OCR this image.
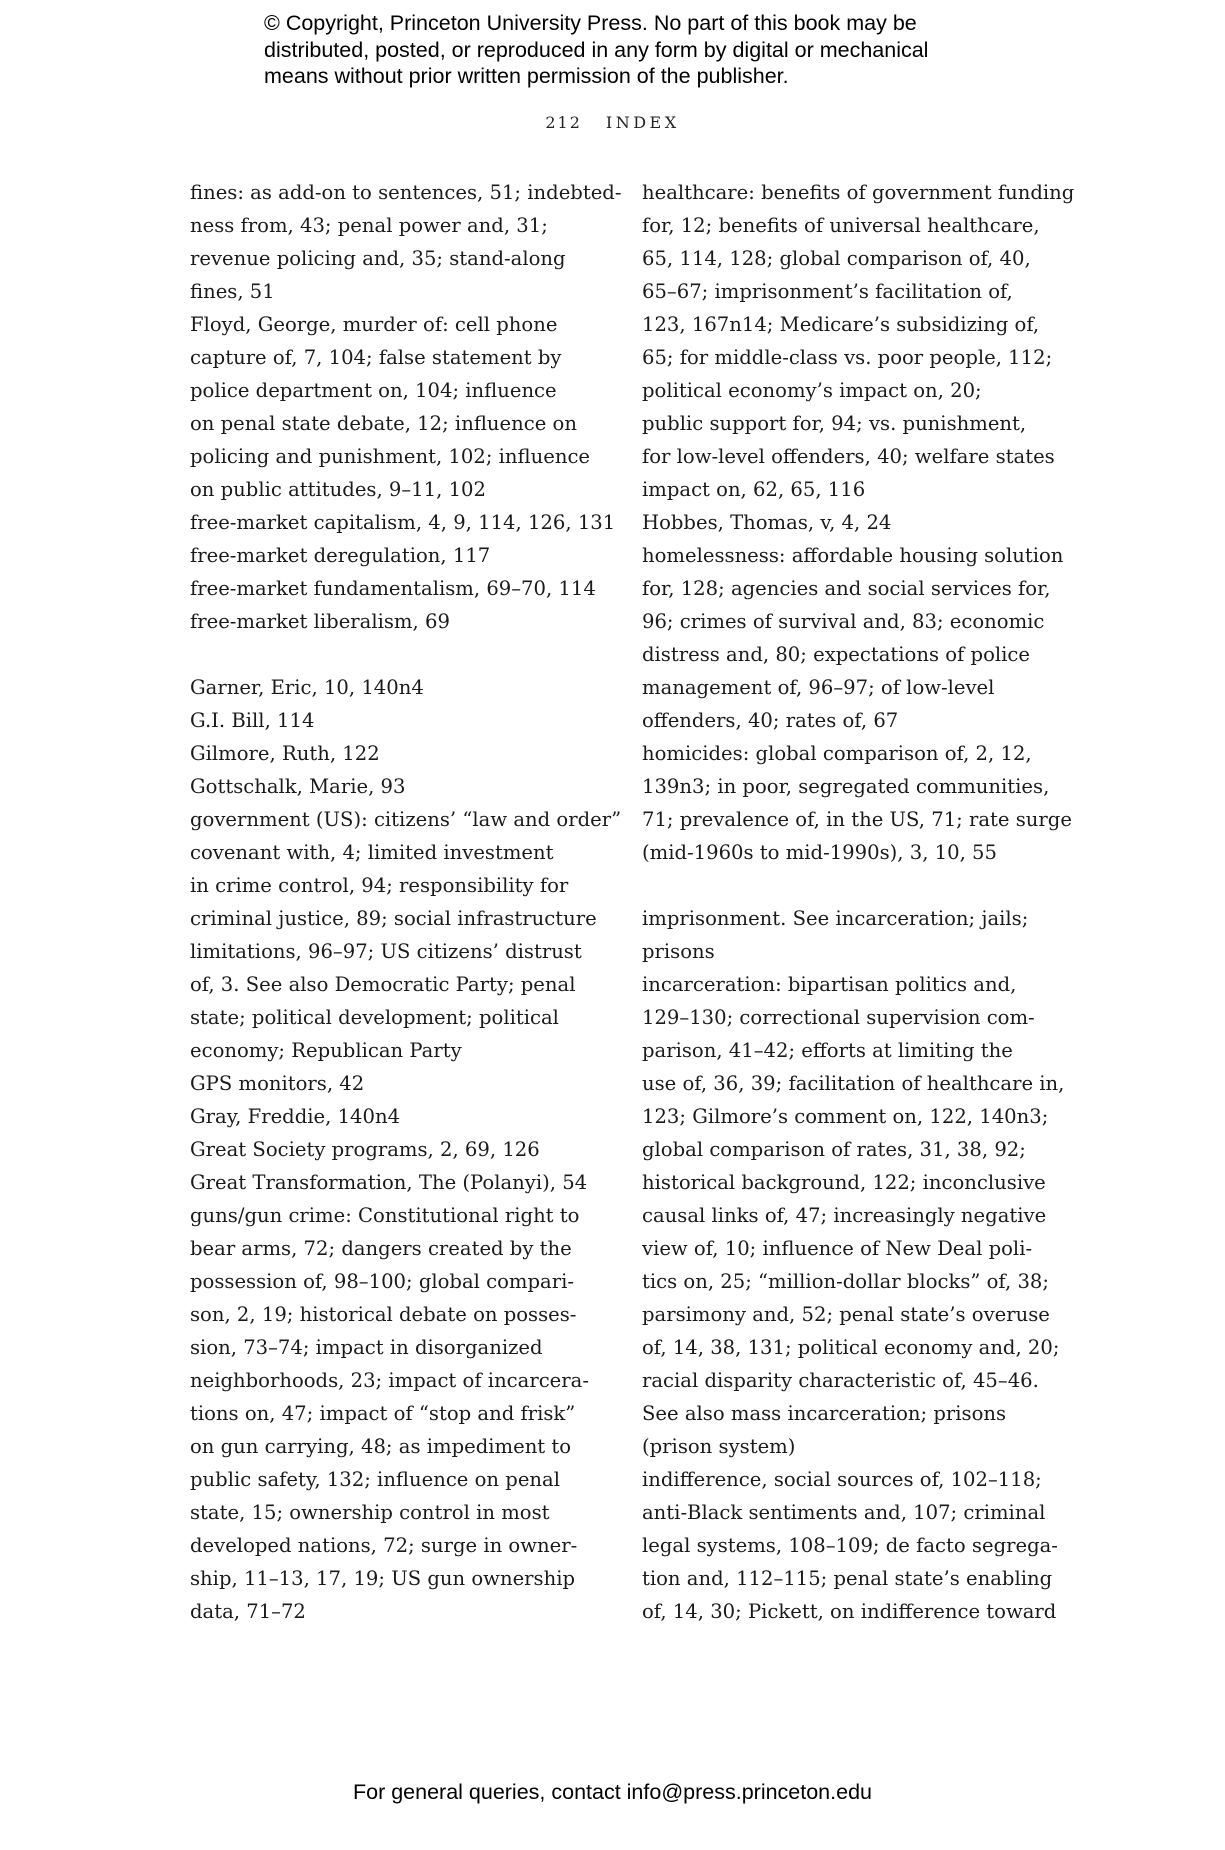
© Copyright, Princeton University Press. No part of this book may be
distributed, posted, or reproduced in any form by digital or mechanical
means without prior written permission of the publisher.
212 INDEX
fines: as add-on to sentences, 51; indebted-
ness from, 43; penal power and, 31;
revenue policing and, 35; stand-along
fines, 51
Floyd, George, murder of: cell phone
capture of, 7, 104; false statement by
police department on, 104; influence
on penal state debate, 12; influence on
policing and punishment, 102; influence
on public attitudes, 9–11, 102
free-market capitalism, 4, 9, 114, 126, 131
free-market deregulation, 117
free-market fundamentalism, 69–70, 114
free-market liberalism, 69
Garner, Eric, 10, 140n4
G.I. Bill, 114
Gilmore, Ruth, 122
Gottschalk, Marie, 93
government (US): citizens’ “law and order”
covenant with, 4; limited investment
in crime control, 94; responsibility for
criminal justice, 89; social infrastructure
limitations, 96–97; US citizens’ distrust
of, 3. See also Democratic Party; penal
state; political development; political
economy; Republican Party
GPS monitors, 42
Gray, Freddie, 140n4
Great Society programs, 2, 69, 126
Great Transformation, The (Polanyi), 54
guns/gun crime: Constitutional right to
bear arms, 72; dangers created by the
possession of, 98–100; global compari-
son, 2, 19; historical debate on posses-
sion, 73–74; impact in disorganized
neighborhoods, 23; impact of incarcera-
tions on, 47; impact of “stop and frisk”
on gun carrying, 48; as impediment to
public safety, 132; influence on penal
state, 15; ownership control in most
developed nations, 72; surge in owner-
ship, 11–13, 17, 19; US gun ownership
data, 71–72
healthcare: benefits of government funding
for, 12; benefits of universal healthcare,
65, 114, 128; global comparison of, 40,
65–67; imprisonment’s facilitation of,
123, 167n14; Medicare’s subsidizing of,
65; for middle-class vs. poor people, 112;
political economy’s impact on, 20;
public support for, 94; vs. punishment,
for low-level offenders, 40; welfare states
impact on, 62, 65, 116
Hobbes, Thomas, v, 4, 24
homelessness: affordable housing solution
for, 128; agencies and social services for,
96; crimes of survival and, 83; economic
distress and, 80; expectations of police
management of, 96–97; of low-level
offenders, 40; rates of, 67
homicides: global comparison of, 2, 12,
139n3; in poor, segregated communities,
71; prevalence of, in the US, 71; rate surge
(mid-1960s to mid-1990s), 3, 10, 55
imprisonment. See incarceration; jails;
prisons
incarceration: bipartisan politics and,
129–130; correctional supervision com-
parison, 41–42; efforts at limiting the
use of, 36, 39; facilitation of healthcare in,
123; Gilmore’s comment on, 122, 140n3;
global comparison of rates, 31, 38, 92;
historical background, 122; inconclusive
causal links of, 47; increasingly negative
view of, 10; influence of New Deal poli-
tics on, 25; “million-dollar blocks” of, 38;
parsimony and, 52; penal state’s overuse
of, 14, 38, 131; political economy and, 20;
racial disparity characteristic of, 45–46.
See also mass incarceration; prisons
(prison system)
indifference, social sources of, 102–118;
anti-Black sentiments and, 107; criminal
legal systems, 108–109; de facto segrega-
tion and, 112–115; penal state’s enabling
of, 14, 30; Pickett, on indifference toward
For general queries, contact info@press.princeton.edu
